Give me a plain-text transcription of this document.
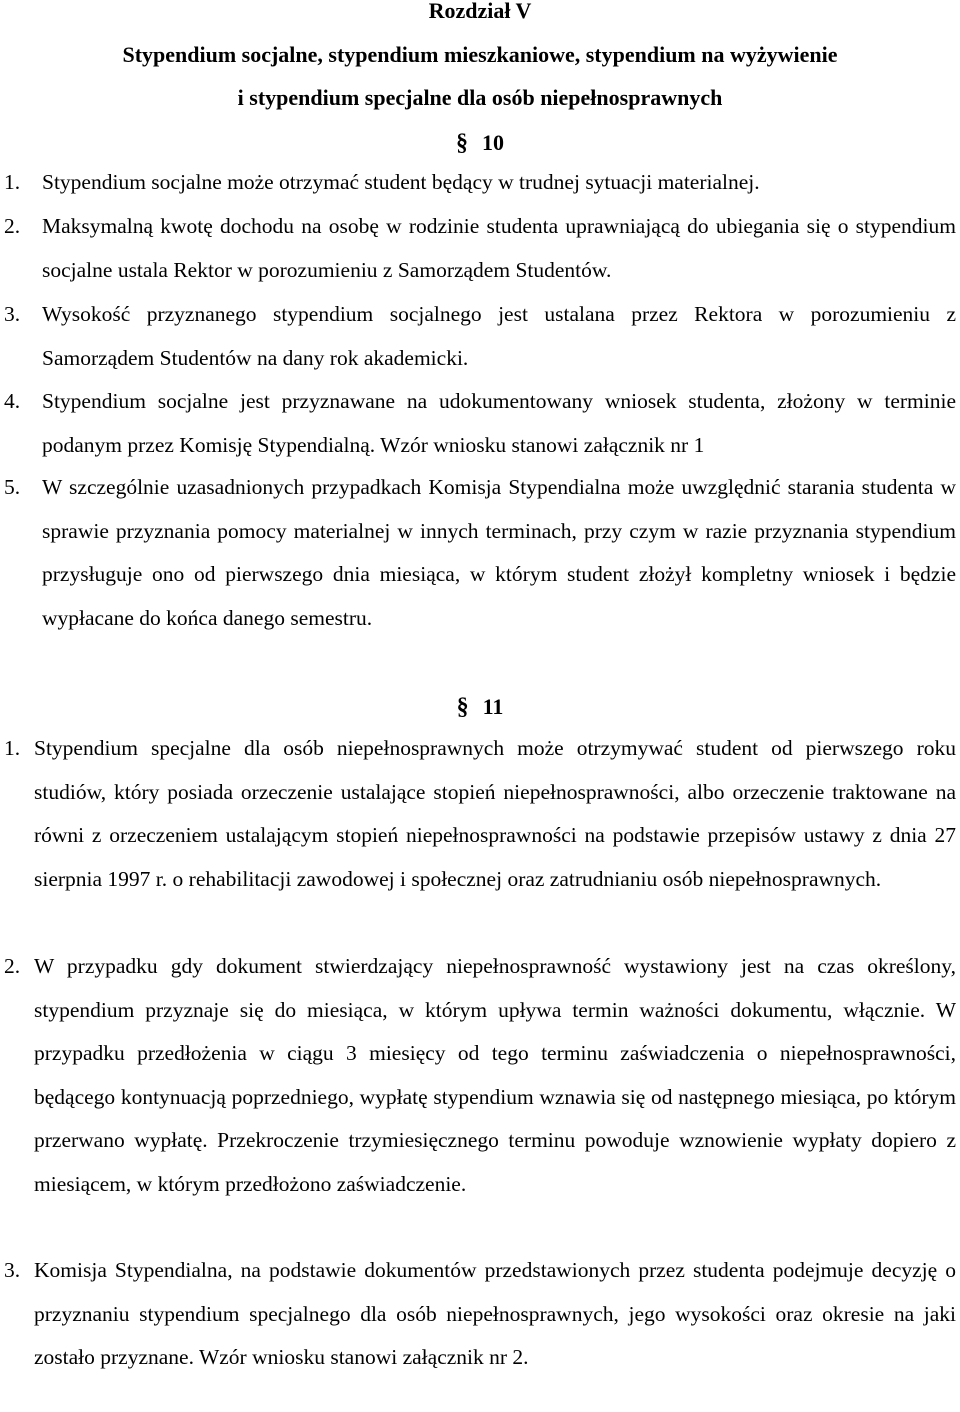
Rozdział V
Stypendium socjalne, stypendium mieszkaniowe, stypendium na wyżywienie
i stypendium specjalne dla osób niepełnosprawnych
§ 10
1. Stypendium socjalne może otrzymać student będący w trudnej sytuacji materialnej.
2. Maksymalną kwotę dochodu na osobę w rodzinie studenta uprawniającą do ubiegania się o stypendium socjalne ustala Rektor w porozumieniu z Samorządem Studentów.
3. Wysokość przyznanego stypendium socjalnego jest ustalana przez Rektora w porozumieniu z Samorządem Studentów na dany rok akademicki.
4. Stypendium socjalne jest przyznawane na udokumentowany wniosek studenta, złożony w terminie podanym przez Komisję Stypendialną. Wzór wniosku stanowi załącznik nr 1
5. W szczególnie uzasadnionych przypadkach Komisja Stypendialna może uwzględnić starania studenta w sprawie przyznania pomocy materialnej w innych terminach, przy czym w razie przyznania stypendium przysługuje ono od pierwszego dnia miesiąca, w którym student złożył kompletny wniosek i będzie wypłacane do końca danego semestru.
§ 11
1. Stypendium specjalne dla osób niepełnosprawnych może otrzymywać student od pierwszego roku studiów, który posiada orzeczenie ustalające stopień niepełnosprawności, albo orzeczenie traktowane na równi z orzeczeniem ustalającym stopień niepełnosprawności na podstawie przepisów ustawy z dnia 27 sierpnia 1997 r. o rehabilitacji zawodowej i społecznej oraz zatrudnianiu osób niepełnosprawnych.
2. W przypadku gdy dokument stwierdzający niepełnosprawność wystawiony jest na czas określony, stypendium przyznaje się do miesiąca, w którym upływa termin ważności dokumentu, włącznie. W przypadku przedłożenia w ciągu 3 miesięcy od tego terminu zaświadczenia o niepełnosprawności, będącego kontynuacją poprzedniego, wypłatę stypendium wznawia się od następnego miesiąca, po którym przerwano wypłatę. Przekroczenie trzymiesięcznego terminu powoduje wznowienie wypłaty dopiero z miesiącem, w którym przedłożono zaświadczenie.
3. Komisja Stypendialna, na podstawie dokumentów przedstawionych przez studenta podejmuje decyzję o przyznaniu stypendium specjalnego dla osób niepełnosprawnych, jego wysokości oraz okresie na jaki zostało przyznane. Wzór wniosku stanowi załącznik nr 2.
